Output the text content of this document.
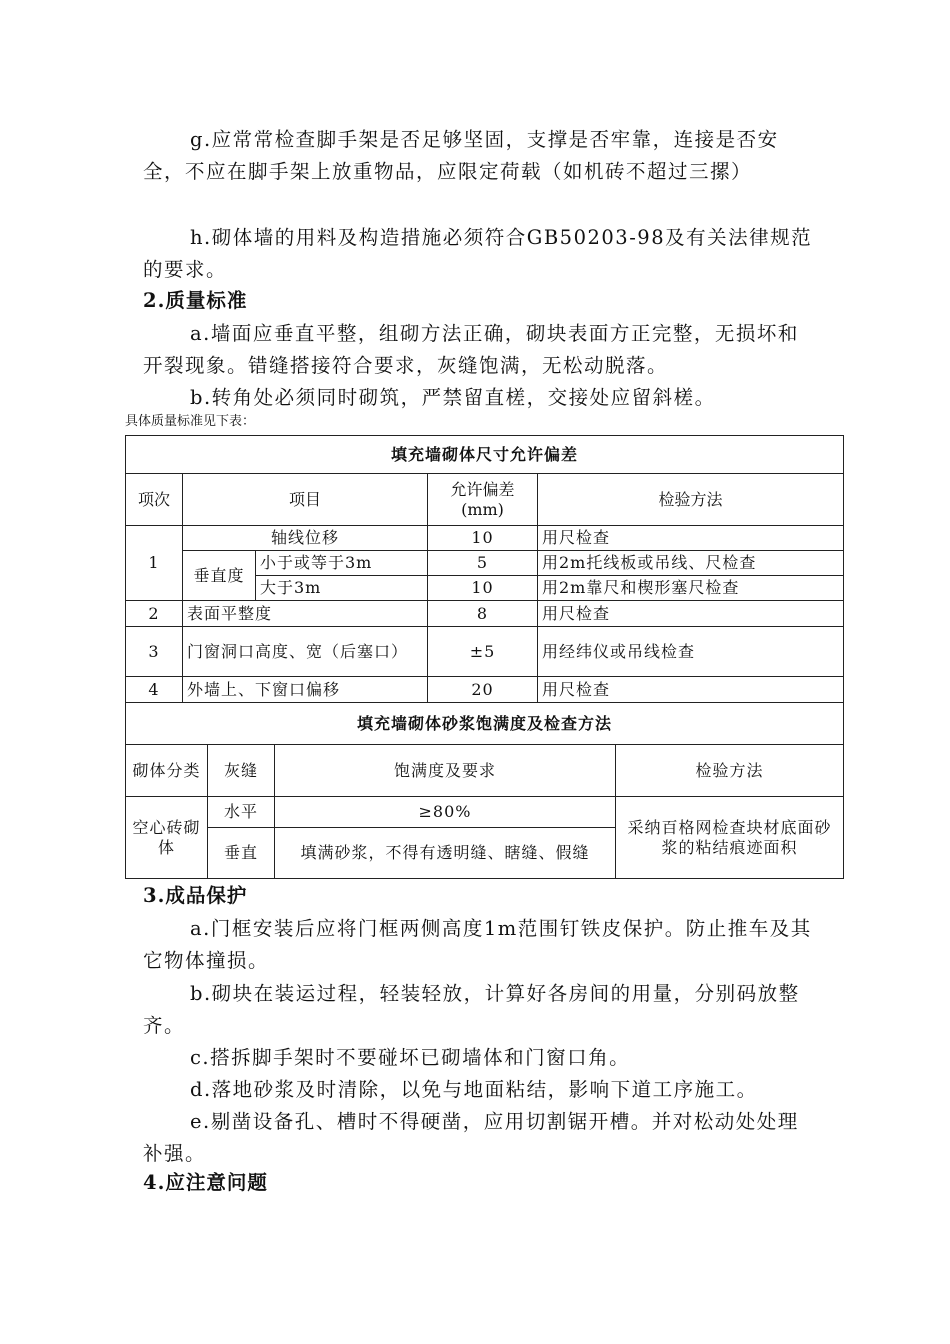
g.应常常检查脚手架是否足够坚固，支撑是否牢靠，连接是否安全，不应在脚手架上放重物品，应限定荷载（如机砖不超过三摞）

h.砌体墙的用料及构造措施必须符合GB50203-98及有关法律规范的要求。

2.质量标准

a.墙面应垂直平整，组砌方法正确，砌块表面方正完整，无损坏和开裂现象。错缝搭接符合要求，灰缝饱满，无松动脱落。

b.转角处必须同时砌筑，严禁留直槎，交接处应留斜槎。

具体质量标准见下表：
填充墙砌体尺寸允许偏差				
项次	项目		允许偏差(mm)	检验方法
1	轴线位移		10	用尺检查
	垂直度	小于或等于3m	5	用2m托线板或吊线、尺检查
		大于3m	10	用2m靠尺和楔形塞尺检查
2	表面平整度		8	用尺检查
3	门窗洞口高度、宽（后塞口）		±5	用经纬仪或吊线检查
4	外墙上、下窗口偏移		20	用尺检查
填充墙砌体砂浆饱满度及检查方法			
砌体分类	灰缝	饱满度及要求	检验方法
空心砖砌体	水平	≥80%	采纳百格网检查块材底面砂浆的粘结痕迹面积
	垂直	填满砂浆，不得有透明缝、瞎缝、假缝	

3.成品保护

a.门框安装后应将门框两侧高度1m范围钉铁皮保护。防止推车及其它物体撞损。

b.砌块在装运过程，轻装轻放，计算好各房间的用量，分别码放整齐。

c.搭拆脚手架时不要碰坏已砌墙体和门窗口角。

d.落地砂浆及时清除，以免与地面粘结，影响下道工序施工。

e.剔凿设备孔、槽时不得硬凿，应用切割锯开槽。并对松动处处理补强。

4.应注意问题
